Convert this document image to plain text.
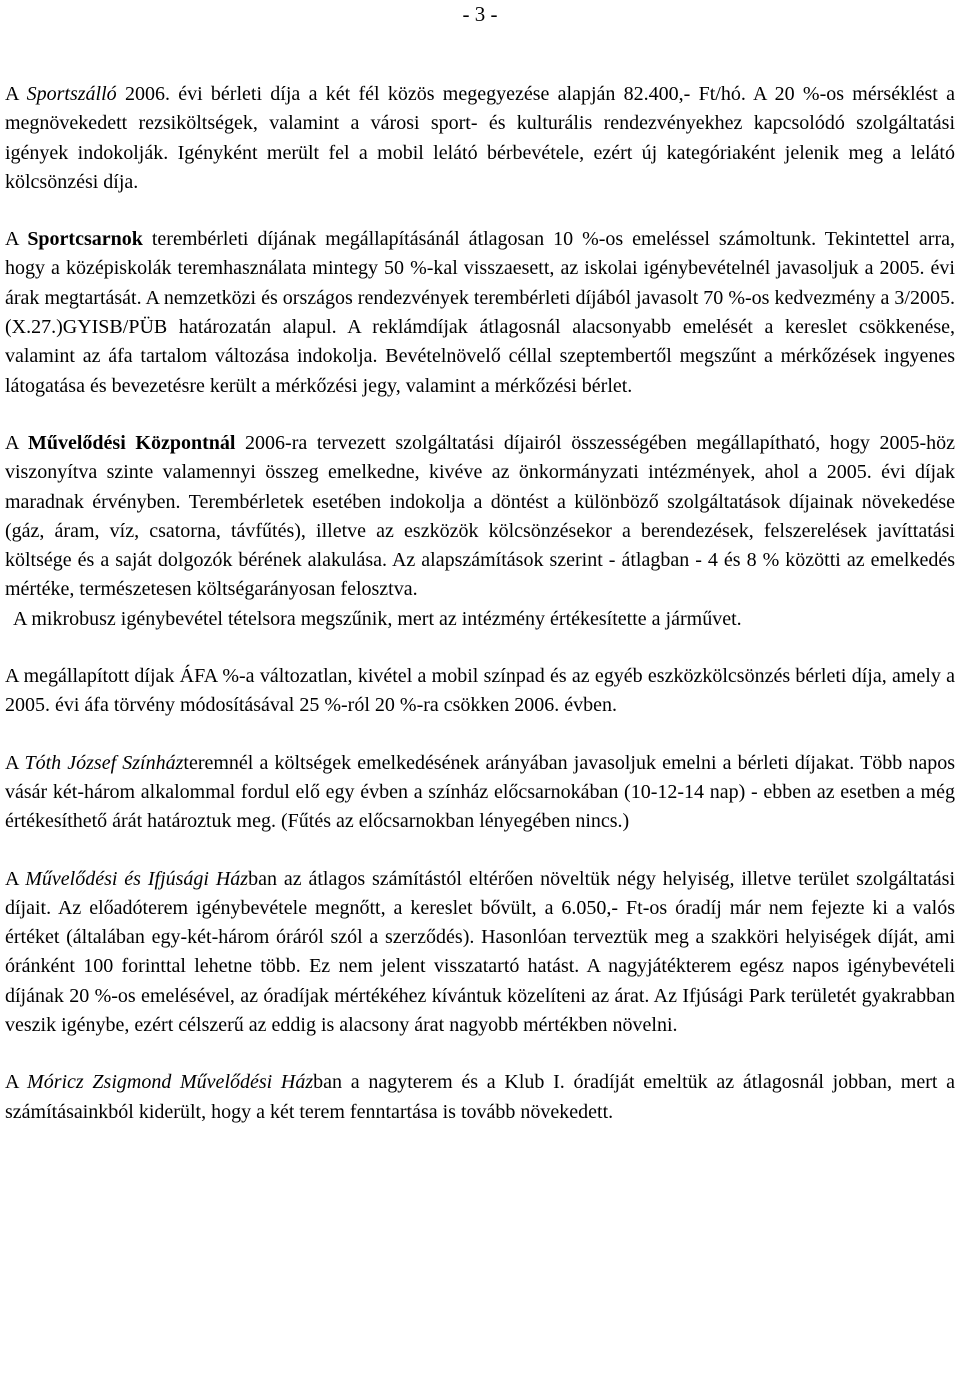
- 3 -

A Sportszálló 2006. évi bérleti díja a két fél közös megegyezése alapján 82.400,- Ft/hó. A 20 %-os mérséklést a megnövekedett rezsiköltségek, valamint a városi sport- és kulturális rendezvényekhez kapcsolódó szolgáltatási igények indokolják. Igényként merült fel a mobil lelátó bérbevétele, ezért új kategóriaként jelenik meg a lelátó kölcsönzési díja.

A Sportcsarnok terembérleti díjának megállapításánál átlagosan 10 %-os emeléssel számoltunk. Tekintettel arra, hogy a középiskolák teremhasználata mintegy 50 %-kal visszaesett, az iskolai igénybevételnél javasoljuk a 2005. évi árak megtartását. A nemzetközi és országos rendezvények terembérleti díjából javasolt 70 %-os kedvezmény a 3/2005.(X.27.)GYISB/PÜB határozatán alapul. A reklámdíjak átlagosnál alacsonyabb emelését a kereslet csökkenése, valamint az áfa tartalom változása indokolja. Bevételnövelő céllal szeptembertől megszűnt a mérkőzések ingyenes látogatása és bevezetésre került a mérkőzési jegy, valamint a mérkőzési bérlet.

A Művelődési Központnál 2006-ra tervezett szolgáltatási díjairól összességében megállapítható, hogy 2005-höz viszonyítva szinte valamennyi összeg emelkedne, kivéve az önkormányzati intézmények, ahol a 2005. évi díjak maradnak érvényben. Terembérletek esetében indokolja a döntést a különböző szolgáltatások díjainak növekedése (gáz, áram, víz, csatorna, távfűtés), illetve az eszközök kölcsönzésekor a berendezések, felszerelések javíttatási költsége és a saját dolgozók bérének alakulása. Az alapszámítások szerint - átlagban - 4 és 8 % közötti az emelkedés mértéke, természetesen költségarányosan felosztva.
A mikrobusz igénybevétel tételsora megszűnik, mert az intézmény értékesítette a járművet.

A megállapított díjak ÁFA %-a változatlan, kivétel a mobil színpad és az egyéb eszközkölcsönzés bérleti díja, amely a 2005. évi áfa törvény módosításával 25 %-ról 20 %-ra csökken 2006. évben.

A Tóth József Színházteremnél a költségek emelkedésének arányában javasoljuk emelni a bérleti díjakat. Több napos vásár két-három alkalommal fordul elő egy évben a színház előcsarnokában (10-12-14 nap) - ebben az esetben a még értékesíthető árát határoztuk meg. (Fűtés az előcsarnokban lényegében nincs.)

A Művelődési és Ifjúsági Házban az átlagos számítástól eltérően növeltük négy helyiség, illetve terület szolgáltatási díjait. Az előadóterem igénybevétele megnőtt, a kereslet bővült, a 6.050,- Ft-os óradíj már nem fejezte ki a valós értéket (általában egy-két-három óráról szól a szerződés). Hasonlóan terveztük meg a szakköri helyiségek díját, ami óránként 100 forinttal lehetne több. Ez nem jelent visszatartó hatást. A nagyjátékterem egész napos igénybevételi díjának 20 %-os emelésével, az óradíjak mértékéhez kívántuk közelíteni az árat. Az Ifjúsági Park területét gyakrabban veszik igénybe, ezért célszerű az eddig is alacsony árat nagyobb mértékben növelni.

A Móricz Zsigmond Művelődési Házban a nagyterem és a Klub I. óradíját emeltük az átlagosnál jobban, mert a számításainkból kiderült, hogy a két terem fenntartása is tovább növekedett.
